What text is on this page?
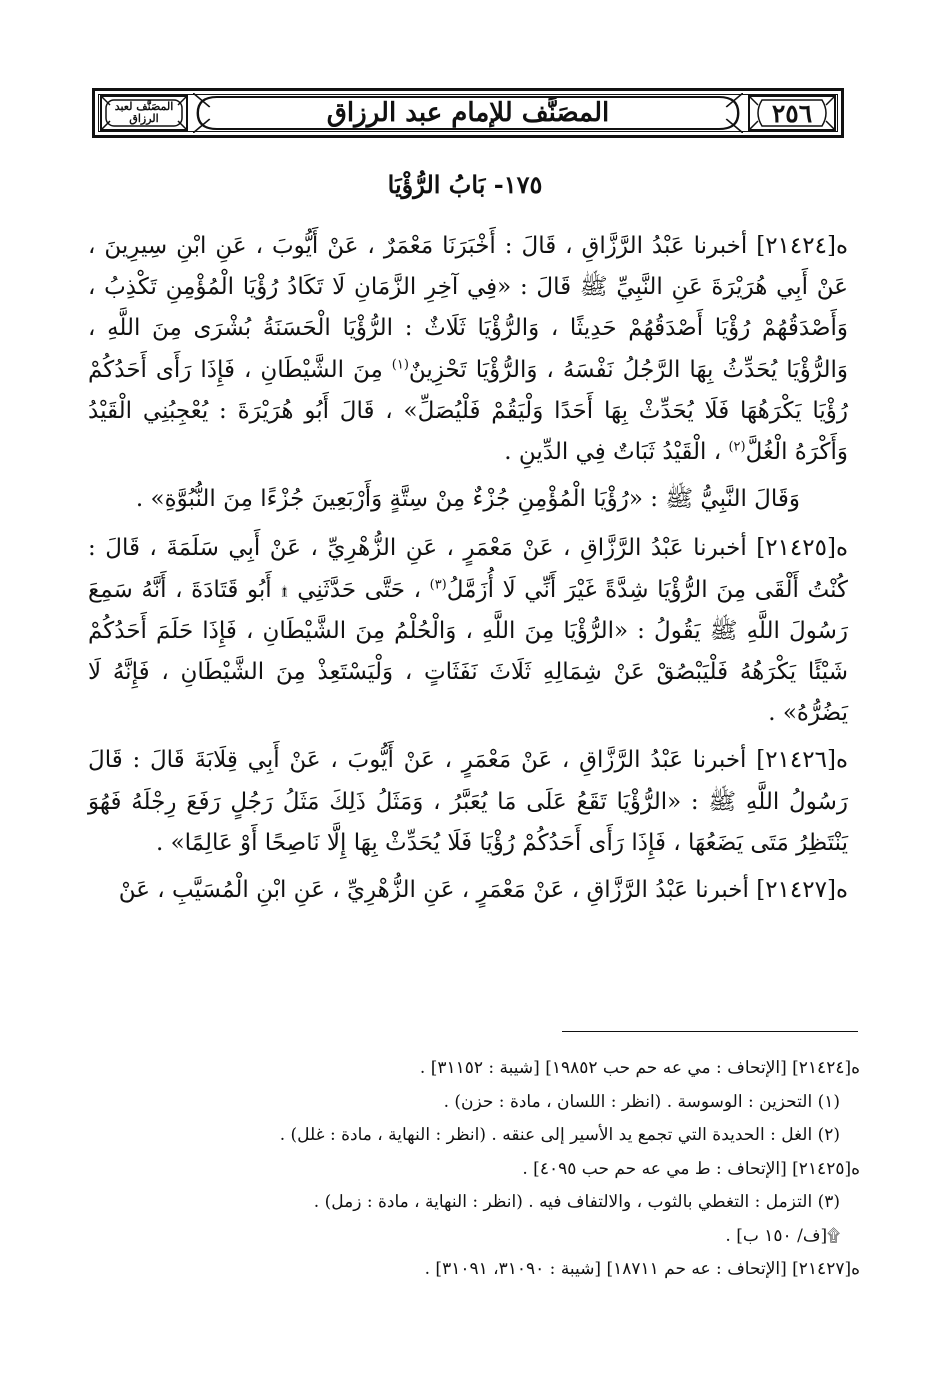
المصَنَّف لعبد الرزاق	المصَنَّف للإمام عبد الرزاق	٢٥٦
١٧٥- بَابُ الرُّؤْيَا

ه[٢١٤٢٤] أخبرنا عَبْدُ الرَّزَّاقِ ، قَالَ : أَخْبَرَنَا مَعْمَرٌ ، عَنْ أَيُّوبَ ، عَنِ ابْنِ سِيرِينَ ، عَنْ أَبِي هُرَيْرَةَ عَنِ النَّبِيِّ ﷺ قَالَ : «فِي آخِرِ الزَّمَانِ لَا تَكَادُ رُؤْيَا الْمُؤْمِنِ تَكْذِبُ ، وَأَصْدَقُهُمْ رُؤْيَا أَصْدَقُهُمْ حَدِيثًا ، وَالرُّؤْيَا ثَلَاثٌ : الرُّؤْيَا الْحَسَنَةُ بُشْرَى مِنَ اللَّهِ ، وَالرُّؤْيَا يُحَدِّثُ بِهَا الرَّجُلُ نَفْسَهُ ، وَالرُّؤْيَا تَحْزِينٌ$^{(١)}$ مِنَ الشَّيْطَانِ ، فَإِذَا رَأَى أَحَدُكُمْ رُؤْيَا يَكْرَهُهَا فَلَا يُحَدِّثْ بِهَا أَحَدًا وَلْيَقُمْ فَلْيُصَلِّ» ، قَالَ أَبُو هُرَيْرَةَ : يُعْجِبُنِي الْقَيْدُ وَأَكْرَهُ الْغُلَّ$^{(٢)}$ ، الْقَيْدُ ثَبَاتٌ فِي الدِّينِ .

وَقَالَ النَّبِيُّ ﷺ : «رُؤْيَا الْمُؤْمِنِ جُزْءٌ مِنْ سِتَّةٍ وَأَرْبَعِينَ جُزْءًا مِنَ النُّبُوَّةِ» .

ه[٢١٤٢٥] أخبرنا عَبْدُ الرَّزَّاقِ ، عَنْ مَعْمَرٍ ، عَنِ الزُّهْرِيِّ ، عَنْ أَبِي سَلَمَةَ ، قَالَ : كُنْتُ أَلْقَى مِنَ الرُّؤْيَا شِدَّةً غَيْرَ أَنِّي لَا أُزَمَّلُ$^{(٣)}$ ، حَتَّى حَدَّثَنِي ۩ أَبُو قَتَادَةَ ، أَنَّهُ سَمِعَ رَسُولَ اللَّهِ ﷺ يَقُولُ : «الرُّؤْيَا مِنَ اللَّهِ ، وَالْحُلْمُ مِنَ الشَّيْطَانِ ، فَإِذَا حَلَمَ أَحَدُكُمْ شَيْئًا يَكْرَهُهُ فَلْيَبْصُقْ عَنْ شِمَالِهِ ثَلَاثَ نَفَثَاتٍ ، وَلْيَسْتَعِذْ مِنَ الشَّيْطَانِ ، فَإِنَّهُ لَا يَضُرُّهُ» .

ه[٢١٤٢٦] أخبرنا عَبْدُ الرَّزَّاقِ ، عَنْ مَعْمَرٍ ، عَنْ أَيُّوبَ ، عَنْ أَبِي قِلَابَةَ قَالَ : قَالَ رَسُولُ اللَّهِ ﷺ : «الرُّؤْيَا تَقَعُ عَلَى مَا يُعَبَّرُ ، وَمَثَلُ ذَلِكَ مَثَلُ رَجُلٍ رَفَعَ رِجْلَهُ فَهُوَ يَنْتَظِرُ مَتَى يَضَعُهَا ، فَإِذَا رَأَى أَحَدُكُمْ رُؤْيَا فَلَا يُحَدِّثْ بِهَا إِلَّا نَاصِحًا أَوْ عَالِمًا» .

ه[٢١٤٢٧] أخبرنا عَبْدُ الرَّزَّاقِ ، عَنْ مَعْمَرٍ ، عَنِ الزُّهْرِيِّ ، عَنِ ابْنِ الْمُسَيَّبِ ، عَنْ

ه[٢١٤٢٤] [الإتحاف : مي عه حم حب ١٩٨٥٢] [شيبة : ٣١١٥٢] .

(١) التحزين : الوسوسة . (انظر : اللسان ، مادة : حزن) .

(٢) الغل : الحديدة التي تجمع يد الأسير إلى عنقه . (انظر : النهاية ، مادة : غلل) .

ه[٢١٤٢٥] [الإتحاف : ط مي عه حم حب ٤٠٩٥] .

(٣) التزمل : التغطي بالثوب ، والالتفاف فيه . (انظر : النهاية ، مادة : زمل) .

۩[ف/ ١٥٠ ب] .

ه[٢١٤٢٧] [الإتحاف : عه حم ١٨٧١١] [شيبة : ٣١٠٩٠، ٣١٠٩١] .
